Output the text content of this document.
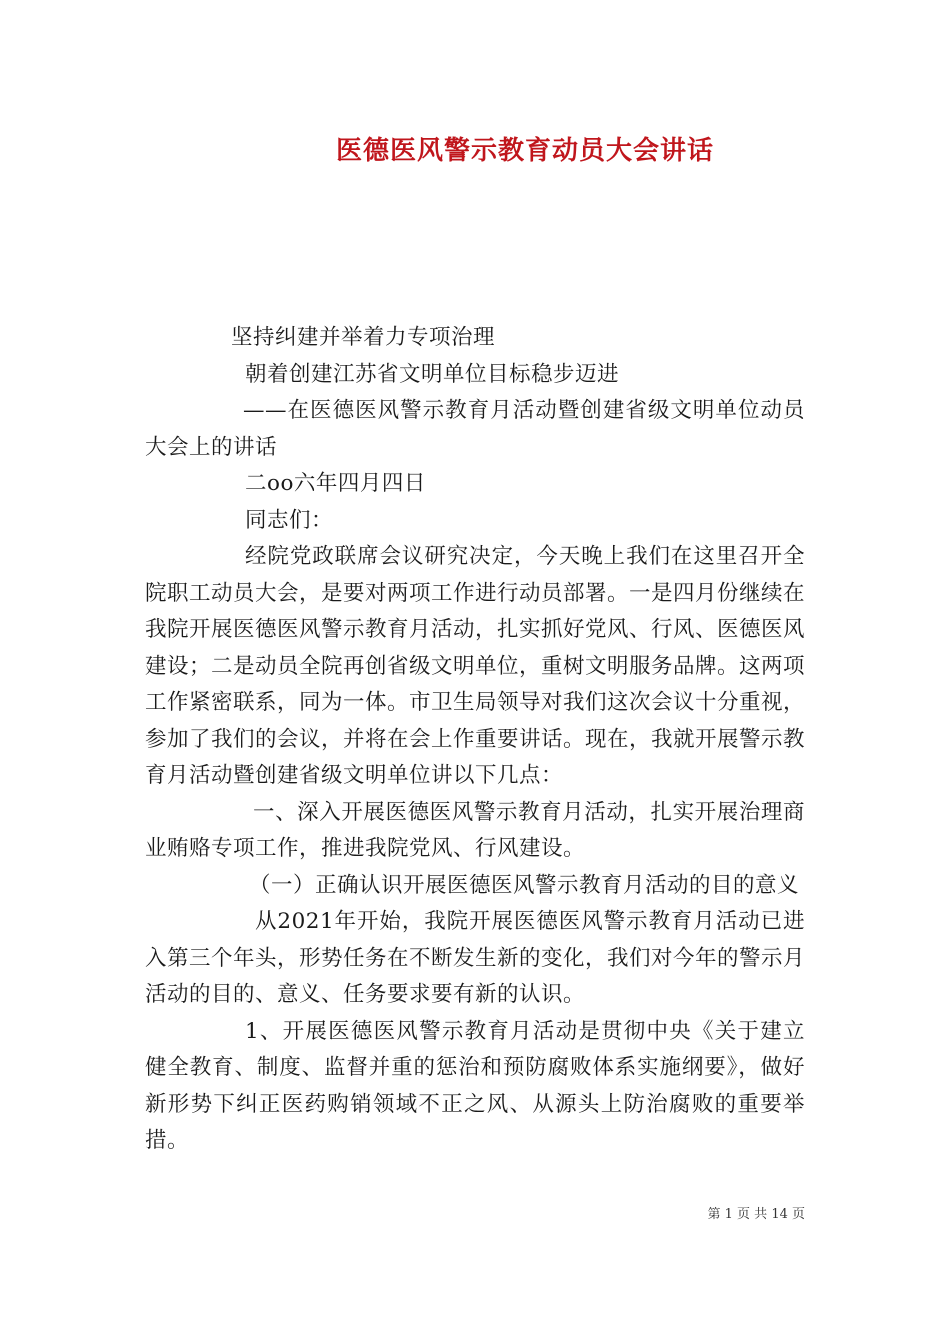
医德医风警示教育动员大会讲话

坚持纠建并举着力专项治理

朝着创建江苏省文明单位目标稳步迈进

——在医德医风警示教育月活动暨创建省级文明单位动员大会上的讲话

二oo六年四月四日

同志们：

经院党政联席会议研究决定，今天晚上我们在这里召开全院职工动员大会，是要对两项工作进行动员部署。一是四月份继续在我院开展医德医风警示教育月活动，扎实抓好党风、行风、医德医风建设；二是动员全院再创省级文明单位，重树文明服务品牌。这两项工作紧密联系，同为一体。市卫生局领导对我们这次会议十分重视，参加了我们的会议，并将在会上作重要讲话。现在，我就开展警示教育月活动暨创建省级文明单位讲以下几点：

一、深入开展医德医风警示教育月活动，扎实开展治理商业贿赂专项工作，推进我院党风、行风建设。

（一）正确认识开展医德医风警示教育月活动的目的意义

从2021年开始，我院开展医德医风警示教育月活动已进入第三个年头，形势任务在不断发生新的变化，我们对今年的警示月活动的目的、意义、任务要求要有新的认识。

1、开展医德医风警示教育月活动是贯彻中央《关于建立健全教育、制度、监督并重的惩治和预防腐败体系实施纲要》，做好新形势下纠正医药购销领域不正之风、从源头上防治腐败的重要举措。

第 1 页 共 14 页
